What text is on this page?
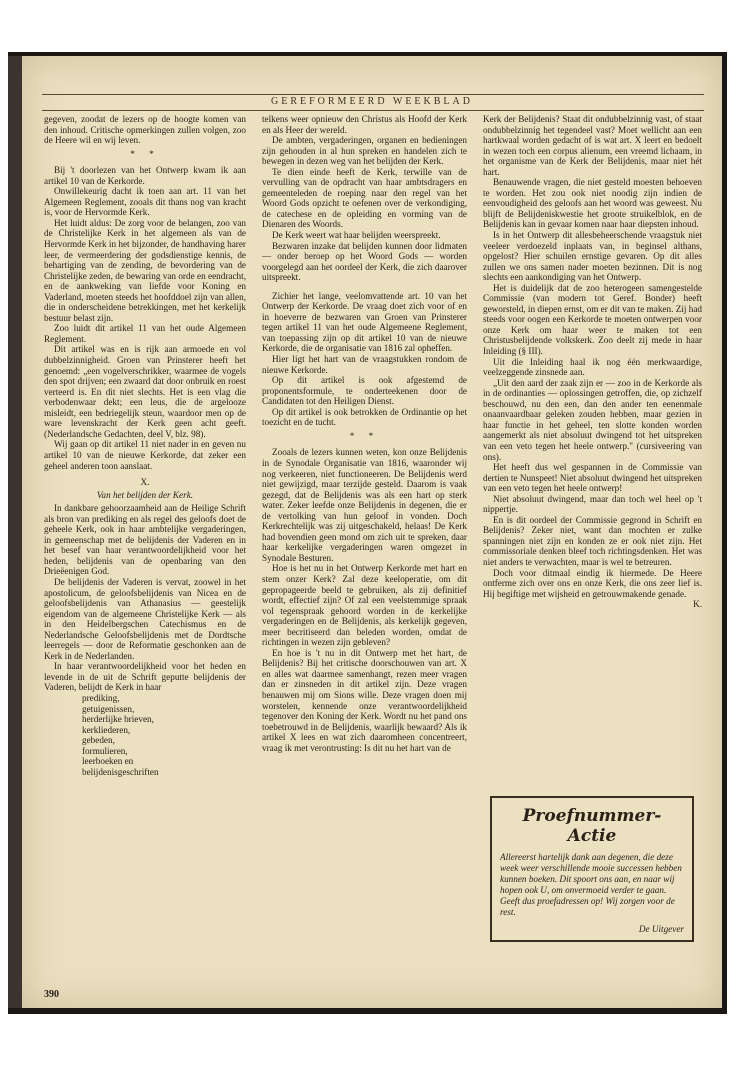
GEREFORMEERD WEEKBLAD

gegeven, zoodat de lezers op de hoogte komen van den inhoud. Critische opmerkingen zullen volgen, zoo de Heere wil en wij leven.

* *

Bij 't doorlezen van het Ontwerp kwam ik aan artikel 10 van de Kerkorde.

Onwillekeurig dacht ik toen aan art. 11 van het Algemeen Reglement, zooals dit thans nog van kracht is, voor de Hervormde Kerk.

Het luidt aldus: De zorg voor de belangen, zoo van de Christelijke Kerk in het algemeen als van de Hervormde Kerk in het bijzonder, de handhaving harer leer, de vermeerdering der godsdienstige kennis, de behartiging van de zending, de bevordering van de Christelijke zeden, de bewaring van orde en eendracht, en de aankweking van liefde voor Koning en Vaderland, moeten steeds het hoofddoel zijn van allen, die in onderscheidene betrekkingen, met het kerkelijk bestuur belast zijn.

Zoo luidt dit artikel 11 van het oude Algemeen Reglement.

Dit artikel was en is rijk aan armoede en vol dubbelzinnigheid. Groen van Prinsterer heeft het genoemd: „een vogelverschrikker, waarmee de vogels den spot drijven; een zwaard dat door onbruik en roest verteerd is. En dit niet slechts. Het is een vlag die verbodenwaar dekt; een leus, die de argelooze misleidt, een bedriegelijk steun, waardoor men op de ware levenskracht der Kerk geen acht geeft. (Nederlandsche Gedachten, deel V, blz. 98).

Wij gaan op dit artikel 11 niet nader in en geven nu artikel 10 van de nieuwe Kerkorde, dat zeker een geheel anderen toon aanslaat.

X.
Van het belijden der Kerk.

In dankbare gehoorzaamheid aan de Heilige Schrift als bron van prediking en als regel des geloofs doet de geheele Kerk, ook in haar ambtelijke vergaderingen, in gemeenschap met de belijdenis der Vaderen en in het besef van haar verantwoordelijkheid voor het heden, belijdenis van de openbaring van den Drieëenigen God.

De belijdenis der Vaderen is vervat, zoowel in het apostolicum, de geloofsbelijdenis van Nicea en de geloofsbelijdenis van Athanasius — geestelijk eigendom van de algemeene Christelijke Kerk — als in den Heidelbergschen Catechismus en de Nederlandsche Geloofsbelijdenis met de Dordtsche leerregels — door de Reformatie geschonken aan de Kerk in de Nederlanden.

In haar verantwoordelijkheid voor het heden en levende in de uit de Schrift geputte belijdenis der Vaderen, belijdt de Kerk in haar

prediking,
getuigenissen,
herderlijke brieven,
kerkliederen,
gebeden,
formulieren,
leerboeken en
belijdenisgeschriften

telkens weer opnieuw den Christus als Hoofd der Kerk en als Heer der wereld.

De ambten, vergaderingen, organen en bedieningen zijn gehouden in al hun spreken en handelen zich te bewegen in dezen weg van het belijden der Kerk.

Te dien einde heeft de Kerk, terwille van de vervulling van de opdracht van haar ambtsdragers en gemeenteleden de roeping naar den regel van het Woord Gods opzicht te oefenen over de verkondiging, de catechese en de opleiding en vorming van de Dienaren des Woords.

De Kerk weert wat haar belijden weerspreekt.

Bezwaren inzake dat belijden kunnen door lidmaten — onder beroep op het Woord Gods — worden voorgelegd aan het oordeel der Kerk, die zich daarover uitspreekt.

Zichier het lange, veelomvattende art. 10 van het Ontwerp der Kerkorde. De vraag doet zich voor of en in hoeverre de bezwaren van Groen van Prinsterer tegen artikel 11 van het oude Algemeene Reglement, van toepassing zijn op dit artikel 10 van de nieuwe Kerkorde, die de organisatie van 1816 zal opheffen.

Hier ligt het hart van de vraagstukken rondom de nieuwe Kerkorde.

Op dit artikel is ook afgestemd de proponentsformule, te onderteekenen door de Candidaten tot den Heiligen Dienst.

Op dit artikel is ook betrokken de Ordinantie op het toezicht en de tucht.

* *

Zooals de lezers kunnen weten, kon onze Belijdenis in de Synodale Organisatie van 1816, waaronder wij nog verkeeren, niet functioneeren. De Belijdenis werd niet gewijzigd, maar terzijde gesteld. Daarom is vaak gezegd, dat de Belijdenis was als een hart op sterk water. Zeker leefde onze Belijdenis in degenen, die er de vertolking van hun geloof in vonden. Doch Kerkrechtelijk was zij uitgeschakeld, helaas! De Kerk had bovendien geen mond om zich uit te spreken, daar haar kerkelijke vergaderingen waren omgezet in Synodale Besturen.

Hoe is het nu in het Ontwerp Kerkorde met hart en stem onzer Kerk? Zal deze keeloperatie, om dit gepropageerde beeld te gebruiken, als zij definitief wordt, effectief zijn? Of zal een veelstemmige spraak vol tegenspraak gehoord worden in de kerkelijke vergaderingen en de Belijdenis, als kerkelijk gegeven, meer becritiseerd dan beleden worden, omdat de richtingen in wezen zijn gebleven?

En hoe is 't nu in dit Ontwerp met het hart, de Belijdenis? Bij het critische doorschouwen van art. X en alles wat daarmee samenhangt, rezen meer vragen dan er zinsneden in dit artikel zijn. Deze vragen benauwen mij om Sions wille. Deze vragen doen mij worstelen, kennende onze verantwoordelijkheid tegenover den Koning der Kerk. Wordt nu het pand ons toebetrouwd in de Belijdenis, waarlijk bewaard? Als ik artikel X lees en wat zich daaromheen concentreert, vraag ik met verontrusting: Is dit nu het hart van de

Kerk der Belijdenis? Staat dit ondubbelzinnig vast, of staat ondubbelzinnig het tegendeel vast? Moet wellicht aan een hartkwaal worden gedacht of is wat art. X leert en bedoelt in wezen toch een corpus alienum, een vreemd lichaam, in het organisme van de Kerk der Belijdenis, maar niet hét hart.

Benauwende vragen, die niet gesteld moesten behoeven te worden. Het zou ook niet noodig zijn indien de eenvoudigheid des geloofs aan het woord was geweest. Nu blijft de Belijdeniskwestie het groote struikelblok, en de Belijdenis kan in gevaar komen naar haar diepsten inhoud.

Is in het Ontwerp dit allesbeheerschende vraagstuk niet veeleer verdoezeld inplaats van, in beginsel althans, opgelost? Hier schuilen ernstige gevaren. Op dit alles zullen we ons samen nader moeten bezinnen. Dit is nog slechts een aankondiging van het Ontwerp.

Het is duidelijk dat de zoo heterogeen samengestelde Commissie (van modern tot Geref. Bonder) heeft geworsteld, in diepen ernst, om er dit van te maken. Zij had steeds voor oogen een Kerkorde te moeten ontwerpen voor onze Kerk om haar weer te maken tot een Christusbelijdende volkskerk. Zoo deelt zij mede in haar Inleiding (§ III).

Uit die Inleiding haal ik nog één merkwaardige, veelzeggende zinsnede aan.

„Uit den aard der zaak zijn er — zoo in de Kerkorde als in de ordinanties — oplossingen getroffen, die, op zichzelf beschouwd, nu den een, dan den ander ten eenenmale onaanvaardbaar geleken zouden hebben, maar gezien in haar functie in het geheel, ten slotte konden worden aangemerkt als niet absoluut dwingend tot het uitspreken van een veto tegen het heele ontwerp." (cursiveering van ons).

Het heeft dus wel gespannen in de Commissie van dertien te Nunspeet! Niet absoluut dwingend het uitspreken van een veto tegen het heele ontwerp!

Niet absoluut dwingend, maar dan toch wel heel op 't nippertje.

En is dit oordeel der Commissie gegrond in Schrift en Belijdenis? Zeker niet, want dan mochten er zulke spanningen niet zijn en konden ze er ook niet zijn. Het commissoriale denken bleef toch richtingsdenken. Het was niet anders te verwachten, maar is wel te betreuren.

Doch voor ditmaal eindig ik hiermede. De Heere ontferme zich over ons en onze Kerk, die ons zeer lief is. Hij begiftige met wijsheid en getrouwmakende genade.

K.
Proefnummer-Actie
Allereerst hartelijk dank aan degenen, die deze week weer verschillende mooie successen hebben kunnen boeken. Dit spoort ons aan, en naar wij hopen ook U, om onvermoeid verder te gaan. Geeft dus proefadressen op! Wij zorgen voor de rest.
De Uitgever
390
